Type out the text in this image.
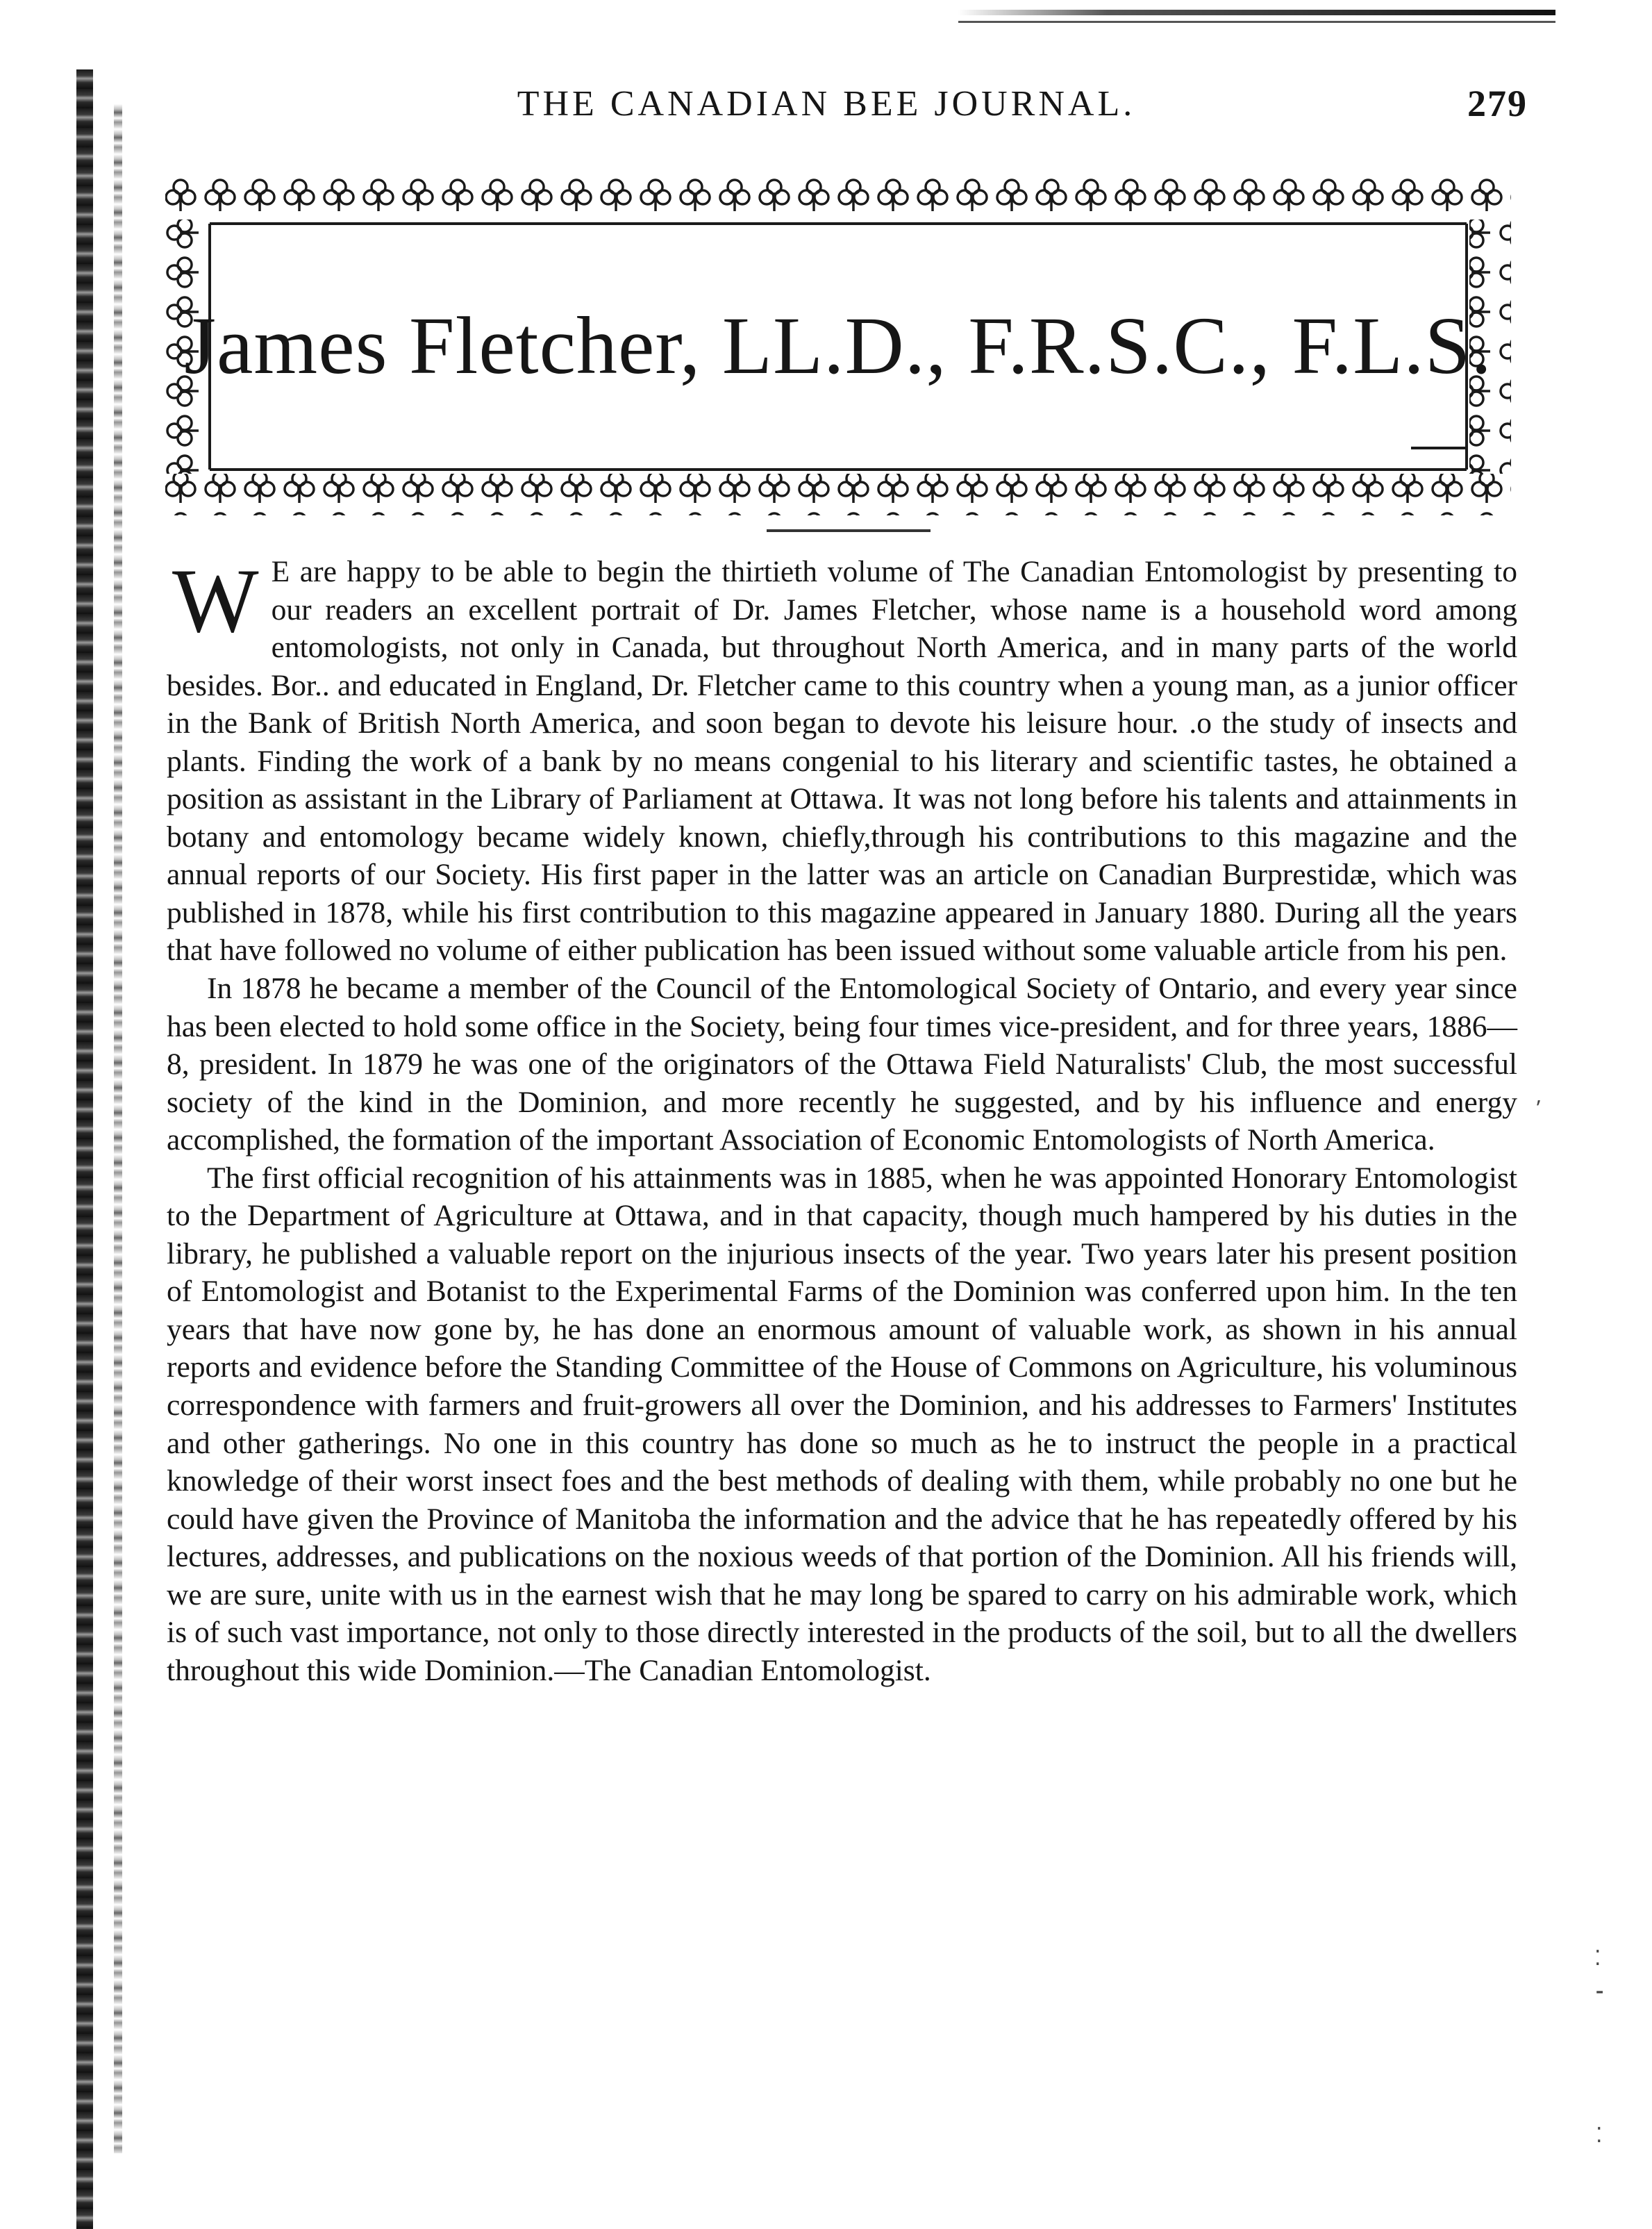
THE CANADIAN BEE JOURNAL.	279
James Fletcher, LL.D., F.R.S.C., F.L.S.

W E are happy to be able to begin the thirtieth volume of The Canadian Entomologist by presenting to our readers an excellent portrait of Dr. James Fletcher, whose name is a household word among entomologists, not only in Canada, but throughout North America, and in many parts of the world besides. Bor.. and educated in England, Dr. Fletcher came to this country when a young man, as a junior officer in the Bank of British North America, and soon began to devote his leisure hour. .o the study of insects and plants. Finding the work of a bank by no means congenial to his literary and scientific tastes, he obtained a position as assistant in the Library of Parliament at Ottawa. It was not long before his talents and attainments in botany and entomology became widely known, chiefly,through his contributions to this magazine and the annual reports of our Society. His first paper in the latter was an article on Canadian Burprestidæ, which was published in 1878, while his first contribution to this magazine appeared in January 1880. During all the years that have followed no volume of either publication has been issued without some valuable article from his pen.

In 1878 he became a member of the Council of the Entomological Society of Ontario, and every year since has been elected to hold some office in the Society, being four times vice-president, and for three years, 1886—8, president. In 1879 he was one of the originators of the Ottawa Field Naturalists' Club, the most successful society of the kind in the Dominion, and more recently he suggested, and by his influence and energy accomplished, the formation of the important Association of Economic Entomologists of North America.

The first official recognition of his attainments was in 1885, when he was appointed Honorary Entomologist to the Department of Agriculture at Ottawa, and in that capacity, though much hampered by his duties in the library, he published a valuable report on the injurious insects of the year. Two years later his present position of Entomologist and Botanist to the Experimental Farms of the Dominion was conferred upon him. In the ten years that have now gone by, he has done an enormous amount of valuable work, as shown in his annual reports and evidence before the Standing Committee of the House of Commons on Agriculture, his voluminous correspondence with farmers and fruit-growers all over the Dominion, and his addresses to Farmers' Institutes and other gatherings. No one in this country has done so much as he to instruct the people in a practical knowledge of their worst insect foes and the best methods of dealing with them, while probably no one but he could have given the Province of Manitoba the information and the advice that he has repeatedly offered by his lectures, addresses, and publications on the noxious weeds of that portion of the Dominion. All his friends will, we are sure, unite with us in the earnest wish that he may long be spared to carry on his admirable work, which is of such vast importance, not only to those directly interested in the products of the soil, but to all the dwellers throughout this wide Dominion.—The Canadian Entomologist.

⸴
⁚
⁃
⁚
